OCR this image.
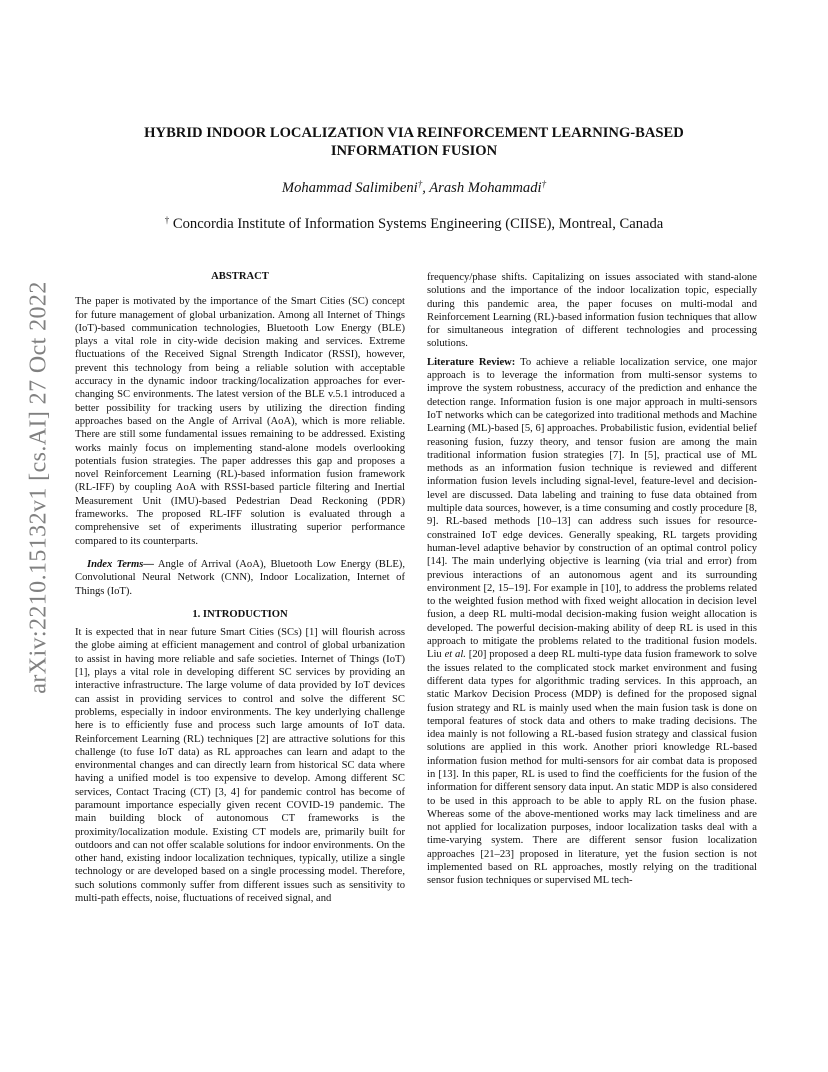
arXiv:2210.15132v1 [cs.AI] 27 Oct 2022
HYBRID INDOOR LOCALIZATION VIA REINFORCEMENT LEARNING-BASED
INFORMATION FUSION
Mohammad Salimibeni†, Arash Mohammadi†
† Concordia Institute of Information Systems Engineering (CIISE), Montreal, Canada
ABSTRACT

The paper is motivated by the importance of the Smart Cities (SC) concept for future management of global urbanization. Among all Internet of Things (IoT)-based communication technologies, Bluetooth Low Energy (BLE) plays a vital role in city-wide decision making and services. Extreme fluctuations of the Received Signal Strength Indicator (RSSI), however, prevent this technology from being a reliable solution with acceptable accuracy in the dynamic indoor tracking/localization approaches for ever-changing SC environments. The latest version of the BLE v.5.1 introduced a better possibility for tracking users by utilizing the direction finding approaches based on the Angle of Arrival (AoA), which is more reliable. There are still some fundamental issues remaining to be addressed. Existing works mainly focus on implementing stand-alone models overlooking potentials fusion strategies. The paper addresses this gap and proposes a novel Reinforcement Learning (RL)-based information fusion framework (RL-IFF) by coupling AoA with RSSI-based particle filtering and Inertial Measurement Unit (IMU)-based Pedestrian Dead Reckoning (PDR) frameworks. The proposed RL-IFF solution is evaluated through a comprehensive set of experiments illustrating superior performance compared to its counterparts.

Index Terms— Angle of Arrival (AoA), Bluetooth Low Energy (BLE), Convolutional Neural Network (CNN), Indoor Localization, Internet of Things (IoT).

1. INTRODUCTION

It is expected that in near future Smart Cities (SCs) [1] will flourish across the globe aiming at efficient management and control of global urbanization to assist in having more reliable and safe societies. Internet of Things (IoT) [1], plays a vital role in developing different SC services by providing an interactive infrastructure. The large volume of data provided by IoT devices can assist in providing services to control and solve the different SC problems, especially in indoor environments. The key underlying challenge here is to efficiently fuse and process such large amounts of IoT data. Reinforcement Learning (RL) techniques [2] are attractive solutions for this challenge (to fuse IoT data) as RL approaches can learn and adapt to the environmental changes and can directly learn from historical SC data where having a unified model is too expensive to develop. Among different SC services, Contact Tracing (CT) [3, 4] for pandemic control has become of paramount importance especially given recent COVID-19 pandemic. The main building block of autonomous CT frameworks is the proximity/localization module. Existing CT models are, primarily built for outdoors and can not offer scalable solutions for indoor environments. On the other hand, existing indoor localization techniques, typically, utilize a single technology or are developed based on a single processing model. Therefore, such solutions commonly suffer from different issues such as sensitivity to multi-path effects, noise, fluctuations of received signal, and

frequency/phase shifts. Capitalizing on issues associated with stand-alone solutions and the importance of the indoor localization topic, especially during this pandemic area, the paper focuses on multi-modal and Reinforcement Learning (RL)-based information fusion techniques that allow for simultaneous integration of different technologies and processing solutions.

Literature Review: To achieve a reliable localization service, one major approach is to leverage the information from multi-sensor systems to improve the system robustness, accuracy of the prediction and enhance the detection range. Information fusion is one major approach in multi-sensors IoT networks which can be categorized into traditional methods and Machine Learning (ML)-based [5, 6] approaches. Probabilistic fusion, evidential belief reasoning fusion, fuzzy theory, and tensor fusion are among the main traditional information fusion strategies [7]. In [5], practical use of ML methods as an information fusion technique is reviewed and different information fusion levels including signal-level, feature-level and decision-level are discussed. Data labeling and training to fuse data obtained from multiple data sources, however, is a time consuming and costly procedure [8, 9]. RL-based methods [10–13] can address such issues for resource-constrained IoT edge devices. Generally speaking, RL targets providing human-level adaptive behavior by construction of an optimal control policy [14]. The main underlying objective is learning (via trial and error) from previous interactions of an autonomous agent and its surrounding environment [2, 15–19]. For example in [10], to address the problems related to the weighted fusion method with fixed weight allocation in decision level fusion, a deep RL multi-modal decision-making fusion weight allocation is developed. The powerful decision-making ability of deep RL is used in this approach to mitigate the problems related to the traditional fusion models. Liu et al. [20] proposed a deep RL multi-type data fusion framework to solve the issues related to the complicated stock market environment and fusing different data types for algorithmic trading services. In this approach, an static Markov Decision Process (MDP) is defined for the proposed signal fusion strategy and RL is mainly used when the main fusion task is done on temporal features of stock data and others to make trading decisions. The idea mainly is not following a RL-based fusion strategy and classical fusion solutions are applied in this work. Another priori knowledge RL-based information fusion method for multi-sensors for air combat data is proposed in [13]. In this paper, RL is used to find the coefficients for the fusion of the information for different sensory data input. An static MDP is also considered to be used in this approach to be able to apply RL on the fusion phase. Whereas some of the above-mentioned works may lack timeliness and are not applied for localization purposes, indoor localization tasks deal with a time-varying system. There are different sensor fusion localization approaches [21–23] proposed in literature, yet the fusion section is not implemented based on RL approaches, mostly relying on the traditional sensor fusion techniques or supervised ML tech-
